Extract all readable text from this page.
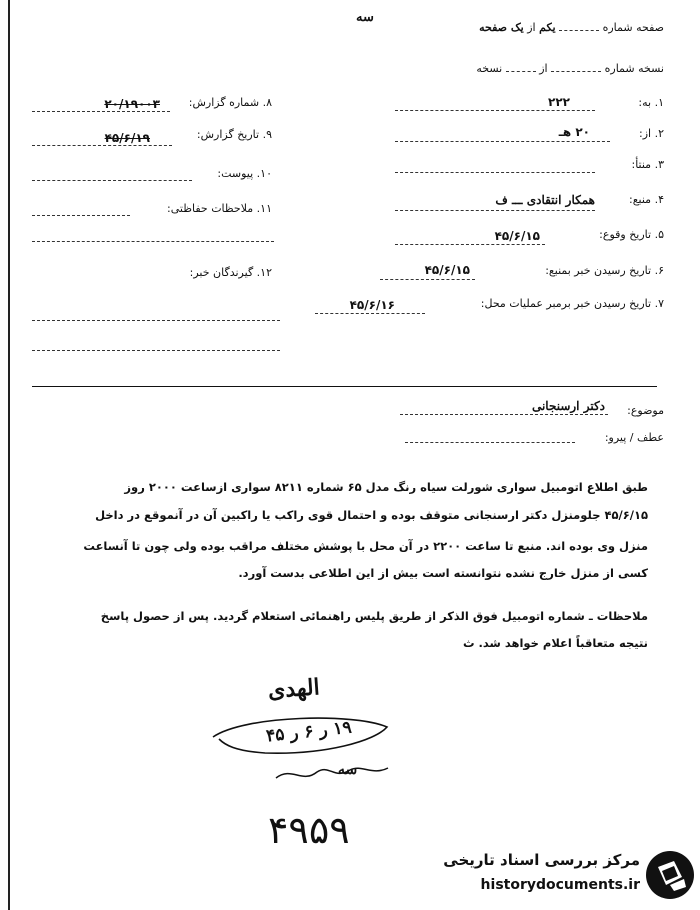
صفحه شماره  یکم از یک صفحه
سه
نسخه شماره  از  نسخه
۱. به:
۲۲۲
۲. از:
۲۰ هـ
۳. منتأ:
۴. منبع:
همکار انتقادی ـــ ف
۵. تاریخ وقوع:
۴۵/۶/۱۵
۶. تاریخ رسیدن خبر بمنبع:
۴۵/۶/۱۵
۷. تاریخ رسیدن خبر برمبر عملیات محل:
۴۵/۶/۱۶
۸. شماره گزارش:
۲۰/۱۹۰۰۳
۹. تاریخ گزارش:
۴۵/۶/۱۹
۱۰. پیوست:
۱۱. ملاحظات حفاظتی:
۱۲. گیرندگان خبر:
موضوع:
دکتر ارسنجانی
عطف / پیرو:
طبق اطلاع اتومبیل سواری شورلت سیاه رنگ مدل ۶۵ شماره ۸۲۱۱ سواری ازساعت ۲۰۰۰ روز
۴۵/۶/۱۵ جلومنزل دکتر ارسنجانی متوقف بوده و احتمال قوی راکب یا راکبین آن در آنموقع در داخل
منزل وی بوده اند. منبع تا ساعت ۲۲۰۰ در آن محل با پوشش مختلف مراقب بوده ولی چون تا آنساعت
کسی از منزل خارج نشده نتوانسته است بیش از این اطلاعی بدست آورد.
ملاحظات ـ شماره اتومبیل فوق الذکر از طریق پلیس راهنمائی استعلام گردید. پس از حصول پاسخ
نتیجه متعاقباً اعلام خواهد شد. ث
الهدی
۱۹ ر ۶ ر ۴۵
سه
۴۹۵۹
مرکز بررسی اسناد تاریخی
historydocuments.ir
